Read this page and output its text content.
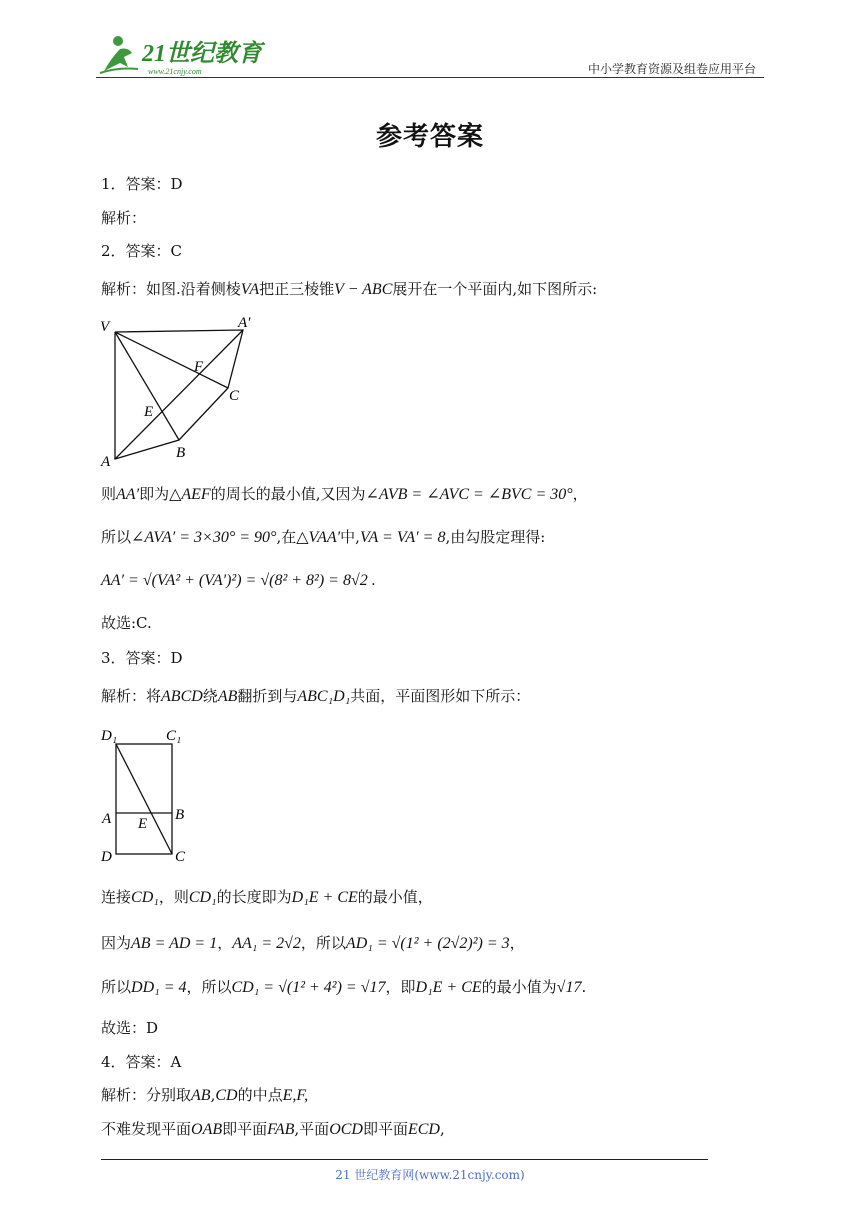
21世纪教育
www.21cnjy.com	中小学教育资源及组卷应用平台
参考答案
1．答案：D
解析：
2．答案：C
解析：如图.沿着侧棱VA把正三棱锥V − ABC展开在一个平面内,如下图所示:
V	A′
F
C
E
A
B
则AA′即为△AEF的周长的最小值,又因为∠AVB = ∠AVC = ∠BVC = 30°，
所以∠AVA′ = 3×30° = 90°,在△VAA′中,VA = VA′ = 8,由勾股定理得:
AA′ = √(VA² + (VA′)²) = √(8² + 8²) = 8√2 .
故选:C.
3．答案：D
解析：将ABCD绕AB翻折到与ABC₁D₁共面，平面图形如下所示：
D₁	C₁
A E
B
D	C
连接CD₁，则CD₁的长度即为D₁E + CE的最小值，
因为AB = AD = 1，AA₁ = 2√2，所以AD₁ = √(1² + (2√2)²) = 3，
所以DD₁ = 4，所以CD₁ = √(1² + 4²) = √17，即D₁E + CE的最小值为√17.
故选：D
4．答案：A
解析：分别取AB,CD的中点E,F,
不难发现平面OAB即平面FAB,平面OCD即平面ECD,
21 世纪教育网(www.21cnjy.com)
